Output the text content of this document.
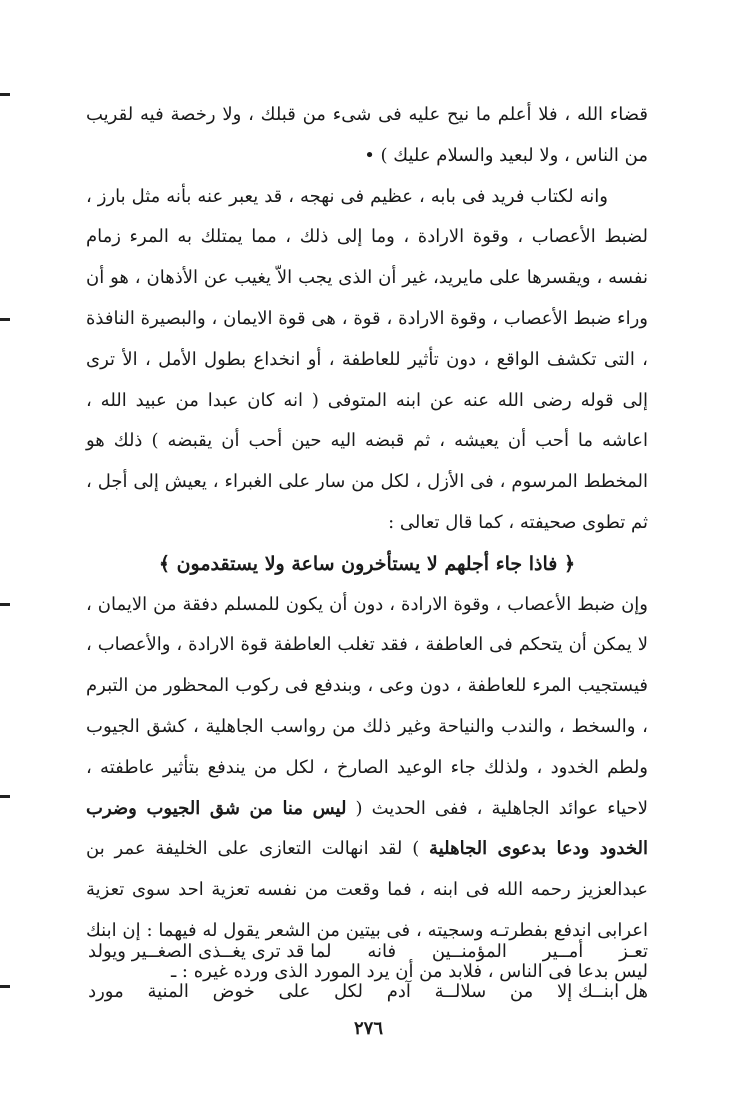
قضاء الله ، فلا أعلم ما نيح عليه فى شىء من قبلك ، ولا رخصة فيه لقريب من الناس ، ولا لبعيد والسلام عليك ) •

وانه لكتاب فريد فى بابه ، عظيم فى نهجه ، قد يعبر عنه بأنه مثل بارز ، لضبط الأعصاب ، وقوة الارادة ، وما إلى ذلك ، مما يمتلك به المرء زمام نفسه ، ويقسرها على مايريد، غير أن الذى يجب الاّ يغيب عن الأذهان ، هو أن وراء ضبط الأعصاب ، وقوة الارادة ، قوة ، هى قوة الايمان ، والبصيرة النافذة ، التى تكشف الواقع ، دون تأثير للعاطفة ، أو انخداع بطول الأمل ، الأ ترى إلى قوله رضى الله عنه عن ابنه المتوفى ( انه كان عبدا من عبيد الله ، اعاشه ما أحب أن يعيشه ، ثم قبضه اليه حين أحب أن يقبضه ) ذلك هو المخطط المرسوم ، فى الأزل ، لكل من سار على الغبراء ، يعيش إلى أجل ، ثم تطوى صحيفته ، كما قال تعالى :

﴿ فاذا جاء أجلهم لا يستأخرون ساعة ولا يستقدمون ﴾

وإن ضبط الأعصاب ، وقوة الارادة ، دون أن يكون للمسلم دفقة من الايمان ، لا يمكن أن يتحكم فى العاطفة ، فقد تغلب العاطفة قوة الارادة ، والأعصاب ، فيستجيب المرء للعاطفة ، دون وعى ، وبندفع فى ركوب المحظور من التبرم ، والسخط ، والندب والنياحة وغير ذلك من رواسب الجاهلية ، كشق الجيوب ولطم الخدود ، ولذلك جاء الوعيد الصارخ ، لكل من يندفع بتأثير عاطفته ، لاحياء عوائد الجاهلية ، ففى الحديث ( ليس منا من شق الجيوب وضرب الخدود ودعا بدعوى الجاهلية ) لقد انهالت التعازى على الخليفة عمر بن عبدالعزيز رحمه الله فى ابنه ، فما وقعت من نفسه تعزية احد سوى تعزية اعرابى اندفع بفطرتـه وسجيته ، فى بيتين من الشعر يقول له فيهما : إن ابنك ليس بدعا فى الناس ، فلابد من أن يرد المورد الذى ورده غيره : ـ

تعـز
أمــير
المؤمنــين
فانه
لما قد ترى يغــذى الصغــير ويولد
هل ابنــك إلا
من
سلالــة
آدم
لكل
على
خوض
المنية
مورد
٢٧٦
